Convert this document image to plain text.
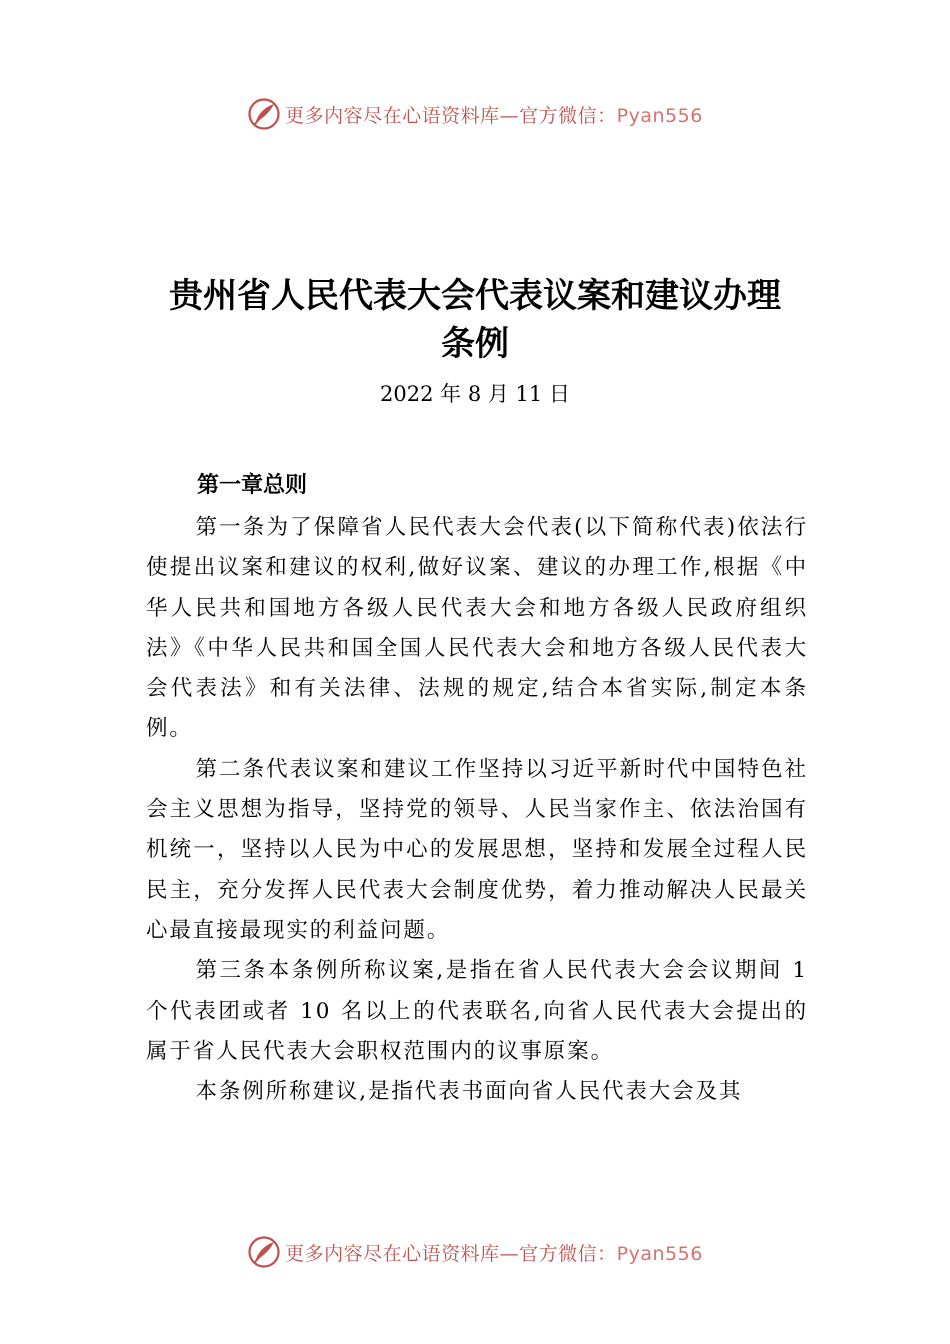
更多内容尽在心语资料库—官方微信：Pyan556
贵州省人民代表大会代表议案和建议办理
条例
2022 年 8 月 11 日
第一章总则

第一条为了保障省人民代表大会代表(以下简称代表)依法行使提出议案和建议的权利,做好议案、建议的办理工作,根据《中华人民共和国地方各级人民代表大会和地方各级人民政府组织法》《中华人民共和国全国人民代表大会和地方各级人民代表大会代表法》和有关法律、法规的规定,结合本省实际,制定本条例。

第二条代表议案和建议工作坚持以习近平新时代中国特色社会主义思想为指导，坚持党的领导、人民当家作主、依法治国有机统一，坚持以人民为中心的发展思想，坚持和发展全过程人民民主，充分发挥人民代表大会制度优势，着力推动解决人民最关心最直接最现实的利益问题。

第三条本条例所称议案,是指在省人民代表大会会议期间 1 个代表团或者 10 名以上的代表联名,向省人民代表大会提出的属于省人民代表大会职权范围内的议事原案。

本条例所称建议,是指代表书面向省人民代表大会及其

更多内容尽在心语资料库—官方微信：Pyan556
